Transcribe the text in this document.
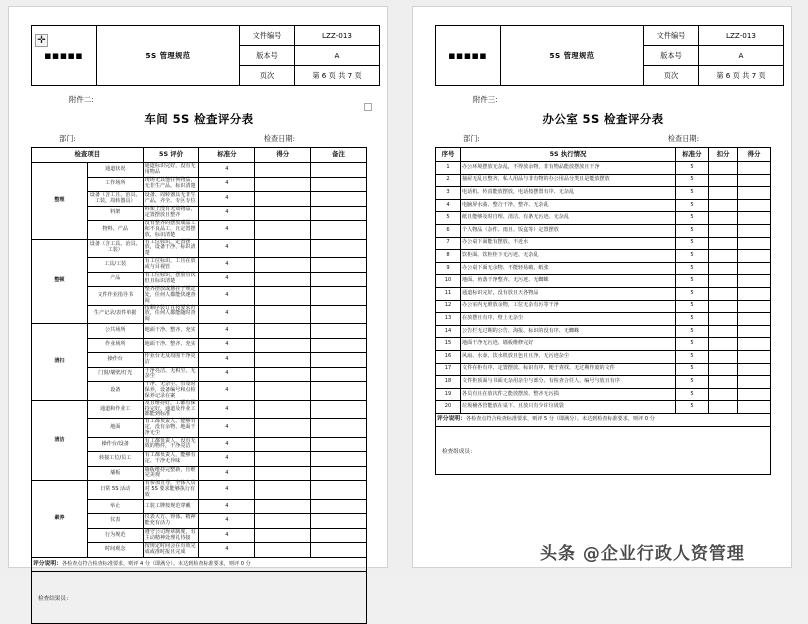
✛
■■■■■	5S 管理规范	文件编号	LZZ-013
		版本号	A
		页次	第 6 页 共 7 页
附件二:
车间 5S 检查评分表
部门:	检查日期:
检查项目		5S 评价	标准分	得分	备注
整理	通道状况	通道标识完好，没有无用物品	4		
	工作场所	现场无其他任何物品，无非生产品，标识清楚	4		
	设备（含工且、治具、工装、周转器具）	设备、周转器具无非生产品，齐全、专区专位	4		
	料架	料架上没有无效物品，定置摆放且整齐	4		
	物料、产品	没有整齐的摆放成品工和不良品工，且定置摆放，标识清楚	4		
整顿	设备（含工具、治具、工装）	有工位标识，定置摆放，设备干净，标识清楚	4		
	工具/工装	有工位标识，工且在放或与目视管	4		
	产品	有工位标识，摆放有次但且标识清楚	4		
	文件作业指导书	整齐摆放或悬挂于规定处，任何人都能快速查阅	4		
	生产记录/表件单据	按顺序装订且按要求归放，任何人都能随时查阅	4		
清扫	公共场所	地面干净、整齐、充实	4		
	作业场所	地面干净、整齐、充实	4		
	操作台	作业台无及周围干净亮洁	4		
	门窗/墙壁/灯光	干净亮洁、无积尘、无杂尘	4		
	设备	干净、无杂尘、有及时保养，设备编号和点检保养记录在案	4		
清洁	通道和作业工	及且维持好，工都有保持完好，通道及作业工都能到标准	4		
	地面	有工都负责人，能够有定，没有余物，地面干净无尘	4		
	操作台/设备	有工都负责人，没有无效的物件，干净亮洁	4		
	转接工位/员工	有工都负责人，能够有定、干净无异味	4		
	墙板	墙板维持完整新，且维完美观	4		
素养	日常 5S 活动	有参加宣导，全体人员对 5S 要求能够执行有效	4		
	举止	工装工牌按规范穿戴	4		
	仪表	仪表大方、得体、精神能充有活力	4		
	行为规范	遵守公司规章制度，有主动精神处理礼待接	4		
	时间观念	按规定时间会在有效完成或准时报且完成	4		
评分说明：各检查点符合检查标准要求，则评 4 分（即满分）。未达到检查标准要求，则评 0 分					
检查结果员：
■■■■■	5S 管理规范	文件编号	LZZ-013
		版本号	A
		页次	第 6 页 共 7 页
附件三:
办公室 5S 检查评分表
部门:	检查日期:
序号	5S 执行情况	标准分	扣分	得分
1	办公环境摆放无杂乱，不得放余物，非有物品能放摆放且干净	5		
2	抽屉无乱且整齐，私人用品与非有物的办公用品分类且是能放摆放	5		
3	电话机、传真能放摆放，电话按摆置有序、无杂乱	5		
4	电脑屏水曲、整合干净、整齐、无杂乱	5		
5	纸且能够及时自理、清洁、有条无污迹、无杂乱	5		
6	个人物品（杂件、雨且、饭盒等）定置摆放	5		
7	办公桌下面能有摆放、不近水	5		
8	饮柜面、饮柜柜下无污迹、无杂乱	5		
9	办公桌下面无余物、不能轻易破、纸张	5		
10	地面、角落干净整齐、无污迹、无蜘蛛	5		
11	通道标识完好，没有放且天各物品	5		
12	办公室内无堆放余物，工位无杂有污等干净	5		
13	在放摆且有序、壁上无杂尘	5		
14	公告栏无过期的公告、海报、标识的没有序、无蜘蛛	5		
15	地面干净无污迹、墙板维修完好	5		
16	风扇、水壶、饮水机放且色且且净、无污迹杂尘	5		
17	文件在柜有序、定置摆放、标识有序、便于查找、无过期作废的文件	5		
18	文件柜顶面与书面无杂用杂尘与部分、有检查合任人、编号与放且有序	5		
19	各员有且在放次件之能放摆放、整齐无污损	5		
20	垃圾桶各管能放在桌下、且放只有少许垃圾袋	5		
评分说明：各检查点符合检查标准要求，则评 5 分（即满分）。未达到检查标准要求，则评 0 分				
检查组成员：
头条 @企业行政人资管理
